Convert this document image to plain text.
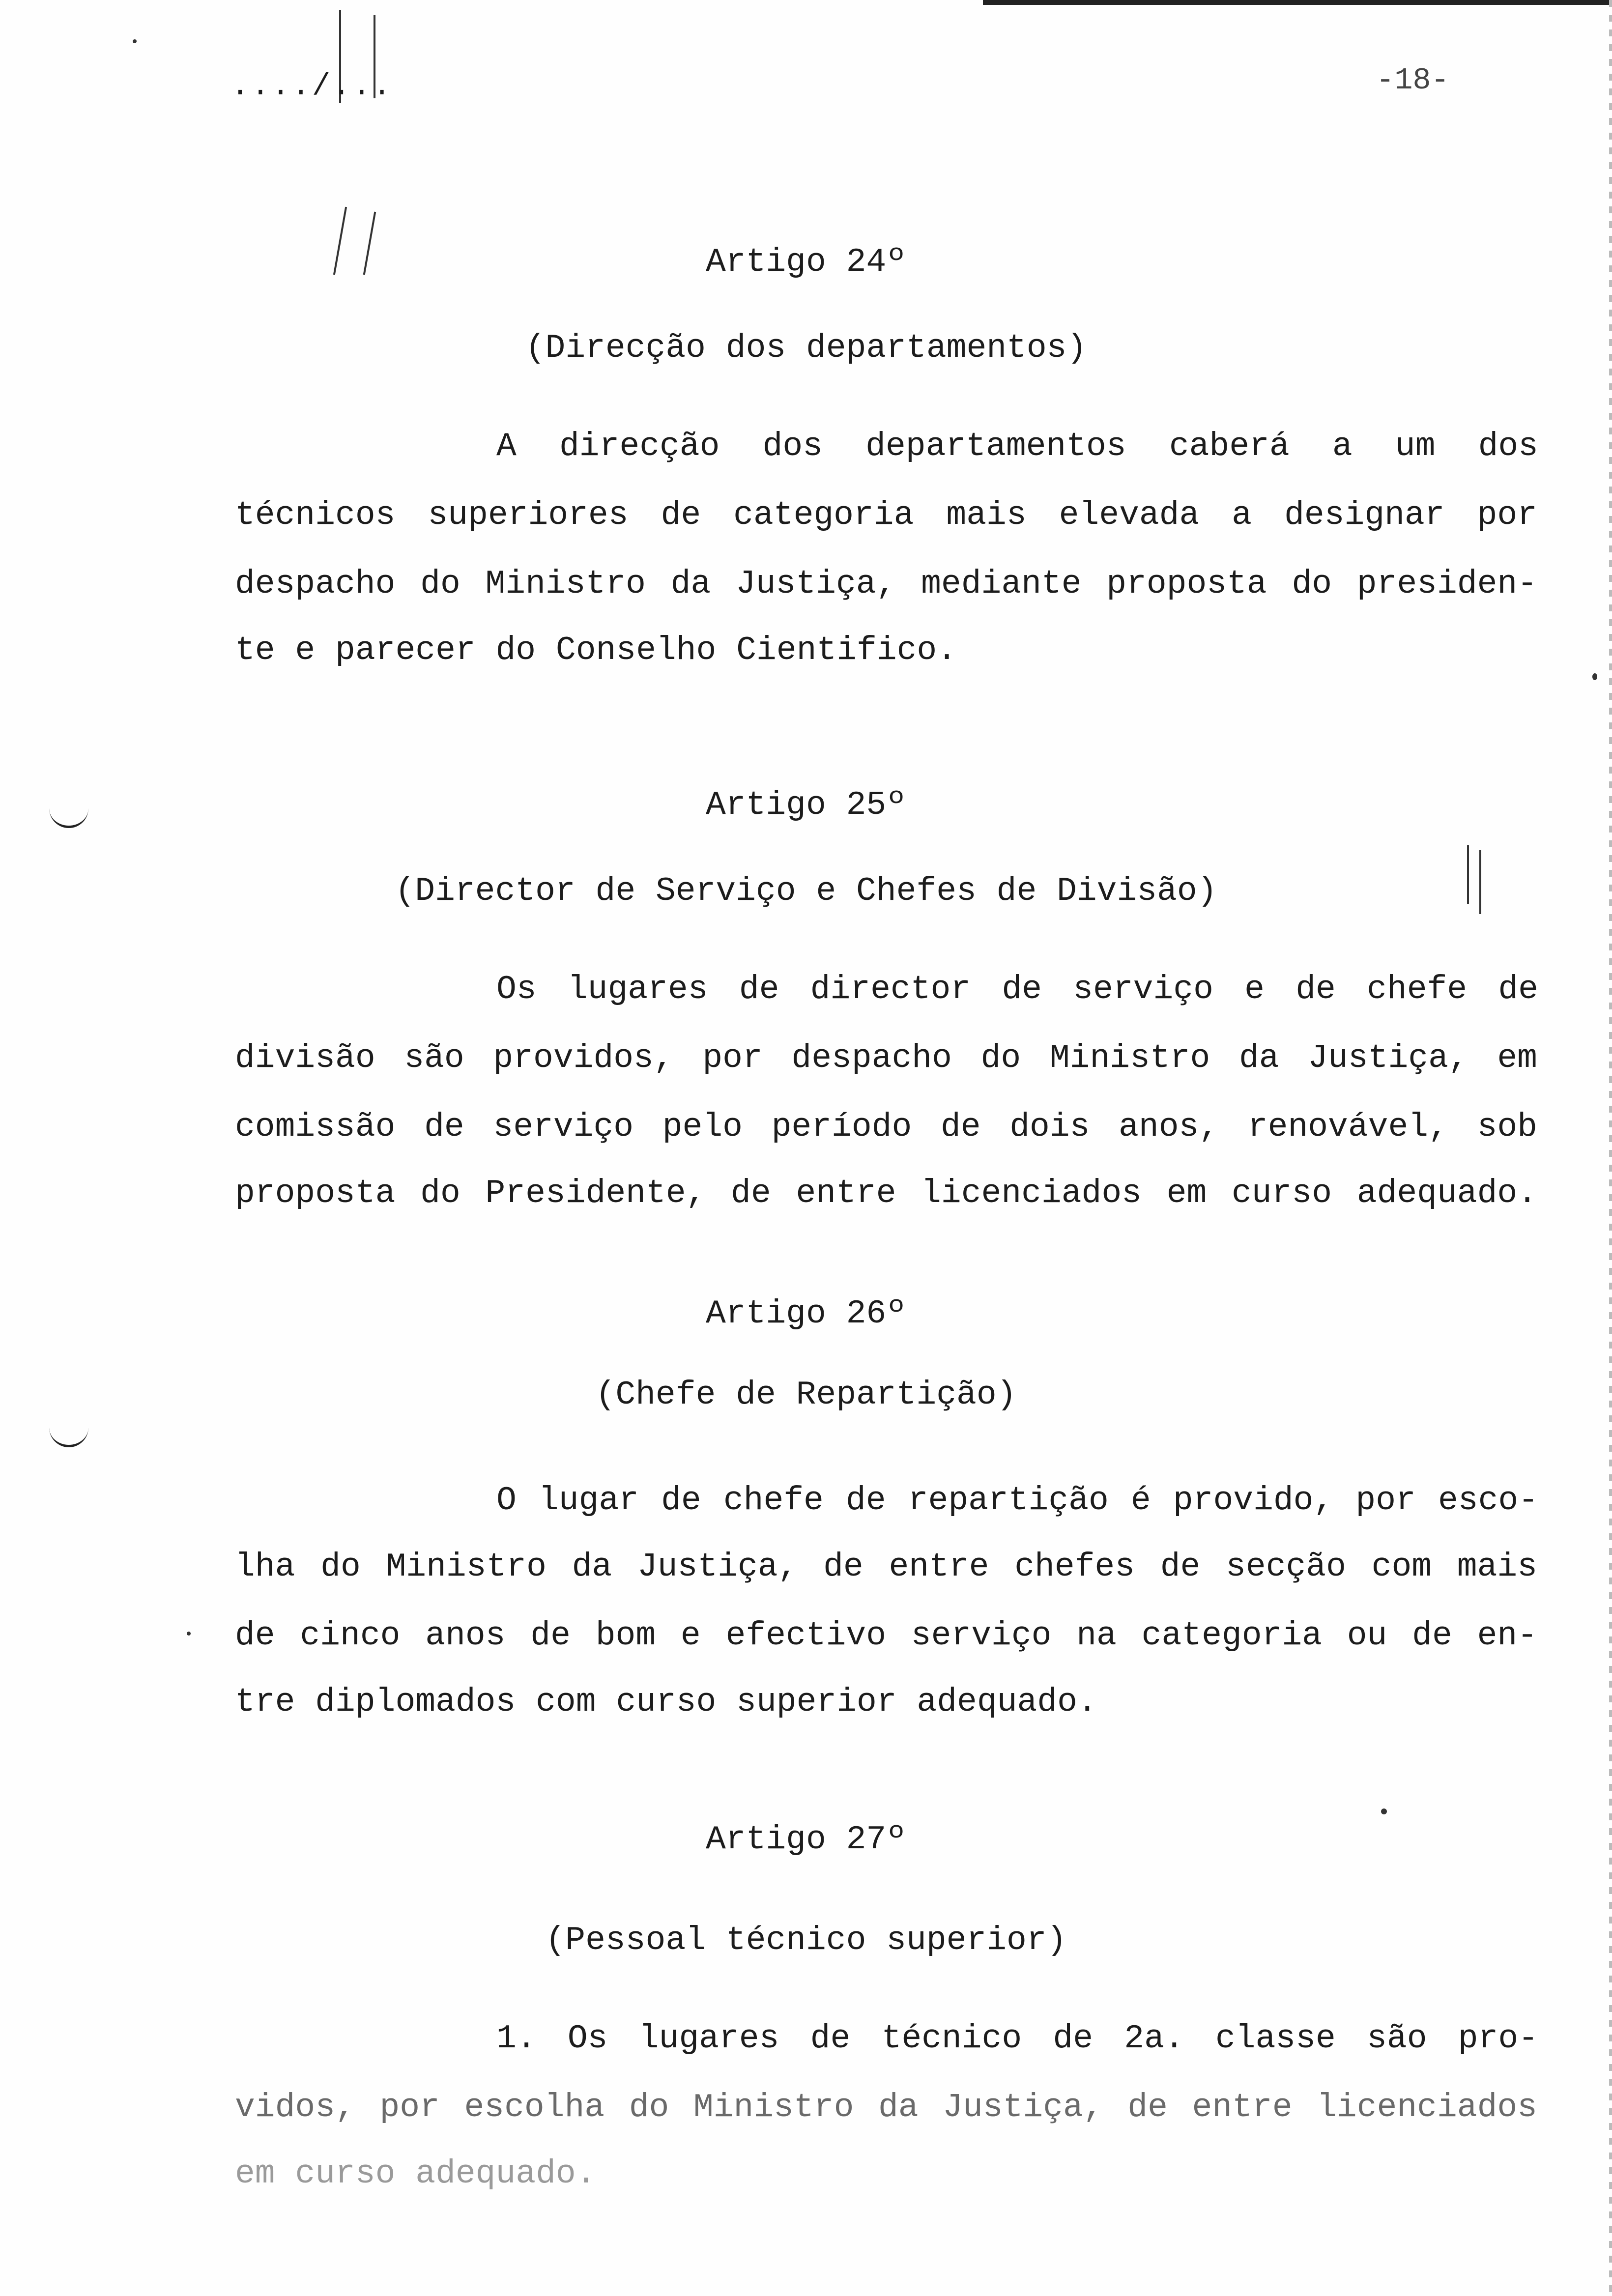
..../...	-18-
Artigo 24º
(Direcção dos departamentos)
A direcção dos departamentos caberá a um dos
técnicos superiores de categoria mais elevada a designar por
despacho do Ministro da Justiça, mediante proposta do presiden-
te e parecer do Conselho Cientifico.
Artigo 25º
(Director de Serviço e Chefes de Divisão)
Os lugares de director de serviço e de chefe de
divisão são providos, por despacho do Ministro da Justiça, em
comissão de serviço pelo período de dois anos, renovável, sob
proposta do Presidente, de entre licenciados em curso adequado.
Artigo 26º
(Chefe de Repartição)
O lugar de chefe de repartição é provido, por esco-
lha do Ministro da Justiça, de entre chefes de secção com mais
de cinco anos de bom e efectivo serviço na categoria ou de en-
tre diplomados com curso superior adequado.
Artigo 27º
(Pessoal técnico superior)
1. Os lugares de técnico de 2a. classe são pro-
vidos, por escolha do Ministro da Justiça, de entre licenciados
em curso adequado.
